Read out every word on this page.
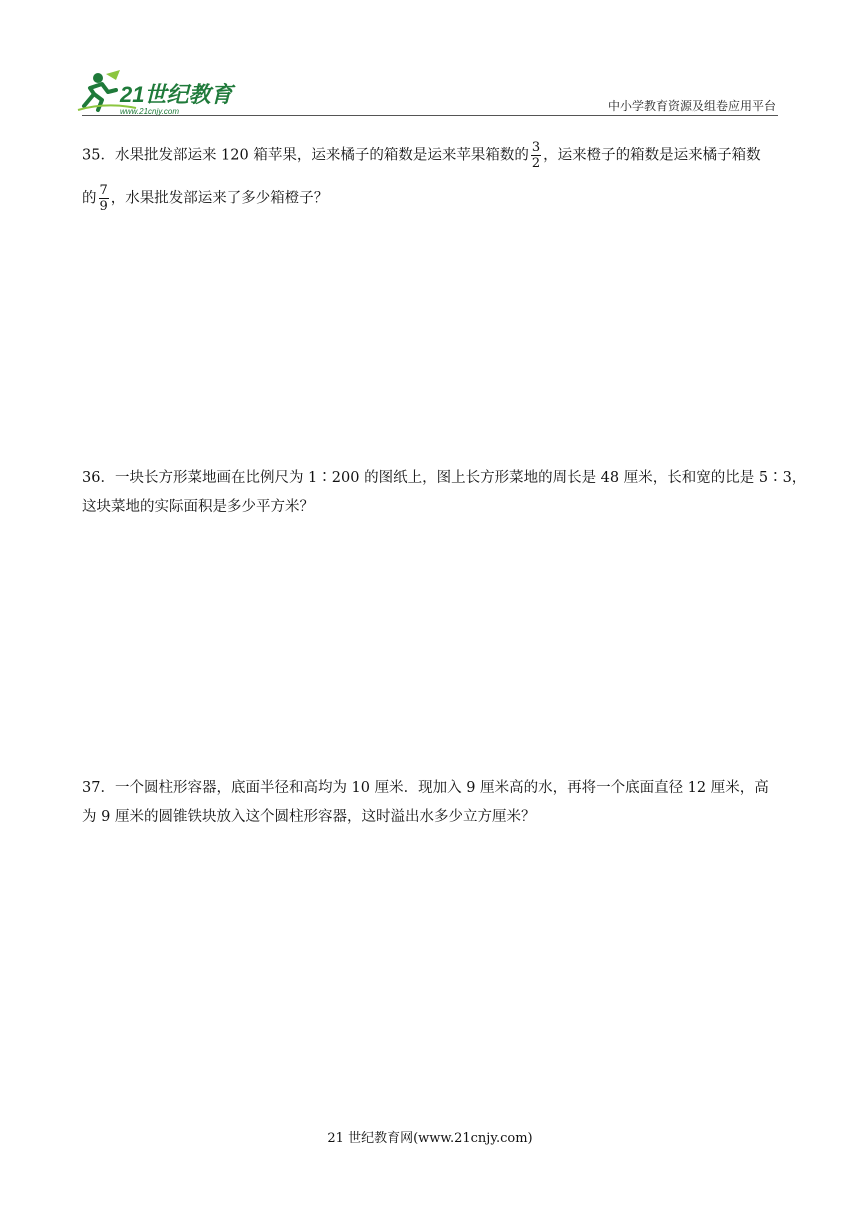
21世纪教育
www.21cnjy.com	中小学教育资源及组卷应用平台
35．水果批发部运来 120 箱苹果，运来橘子的箱数是运来苹果箱数的 $\frac{3}{2}$ ，运来橙子的箱数是运来橘子箱数
的 $\frac{7}{9}$ ，水果批发部运来了多少箱橙子？
36．一块长方形菜地画在比例尺为 1∶200 的图纸上，图上长方形菜地的周长是 48 厘米，长和宽的比是 5∶3，
这块菜地的实际面积是多少平方米？
37．一个圆柱形容器，底面半径和高均为 10 厘米．现加入 9 厘米高的水，再将一个底面直径 12 厘米，高
为 9 厘米的圆锥铁块放入这个圆柱形容器，这时溢出水多少立方厘米？
21 世纪教育网(www.21cnjy.com)
